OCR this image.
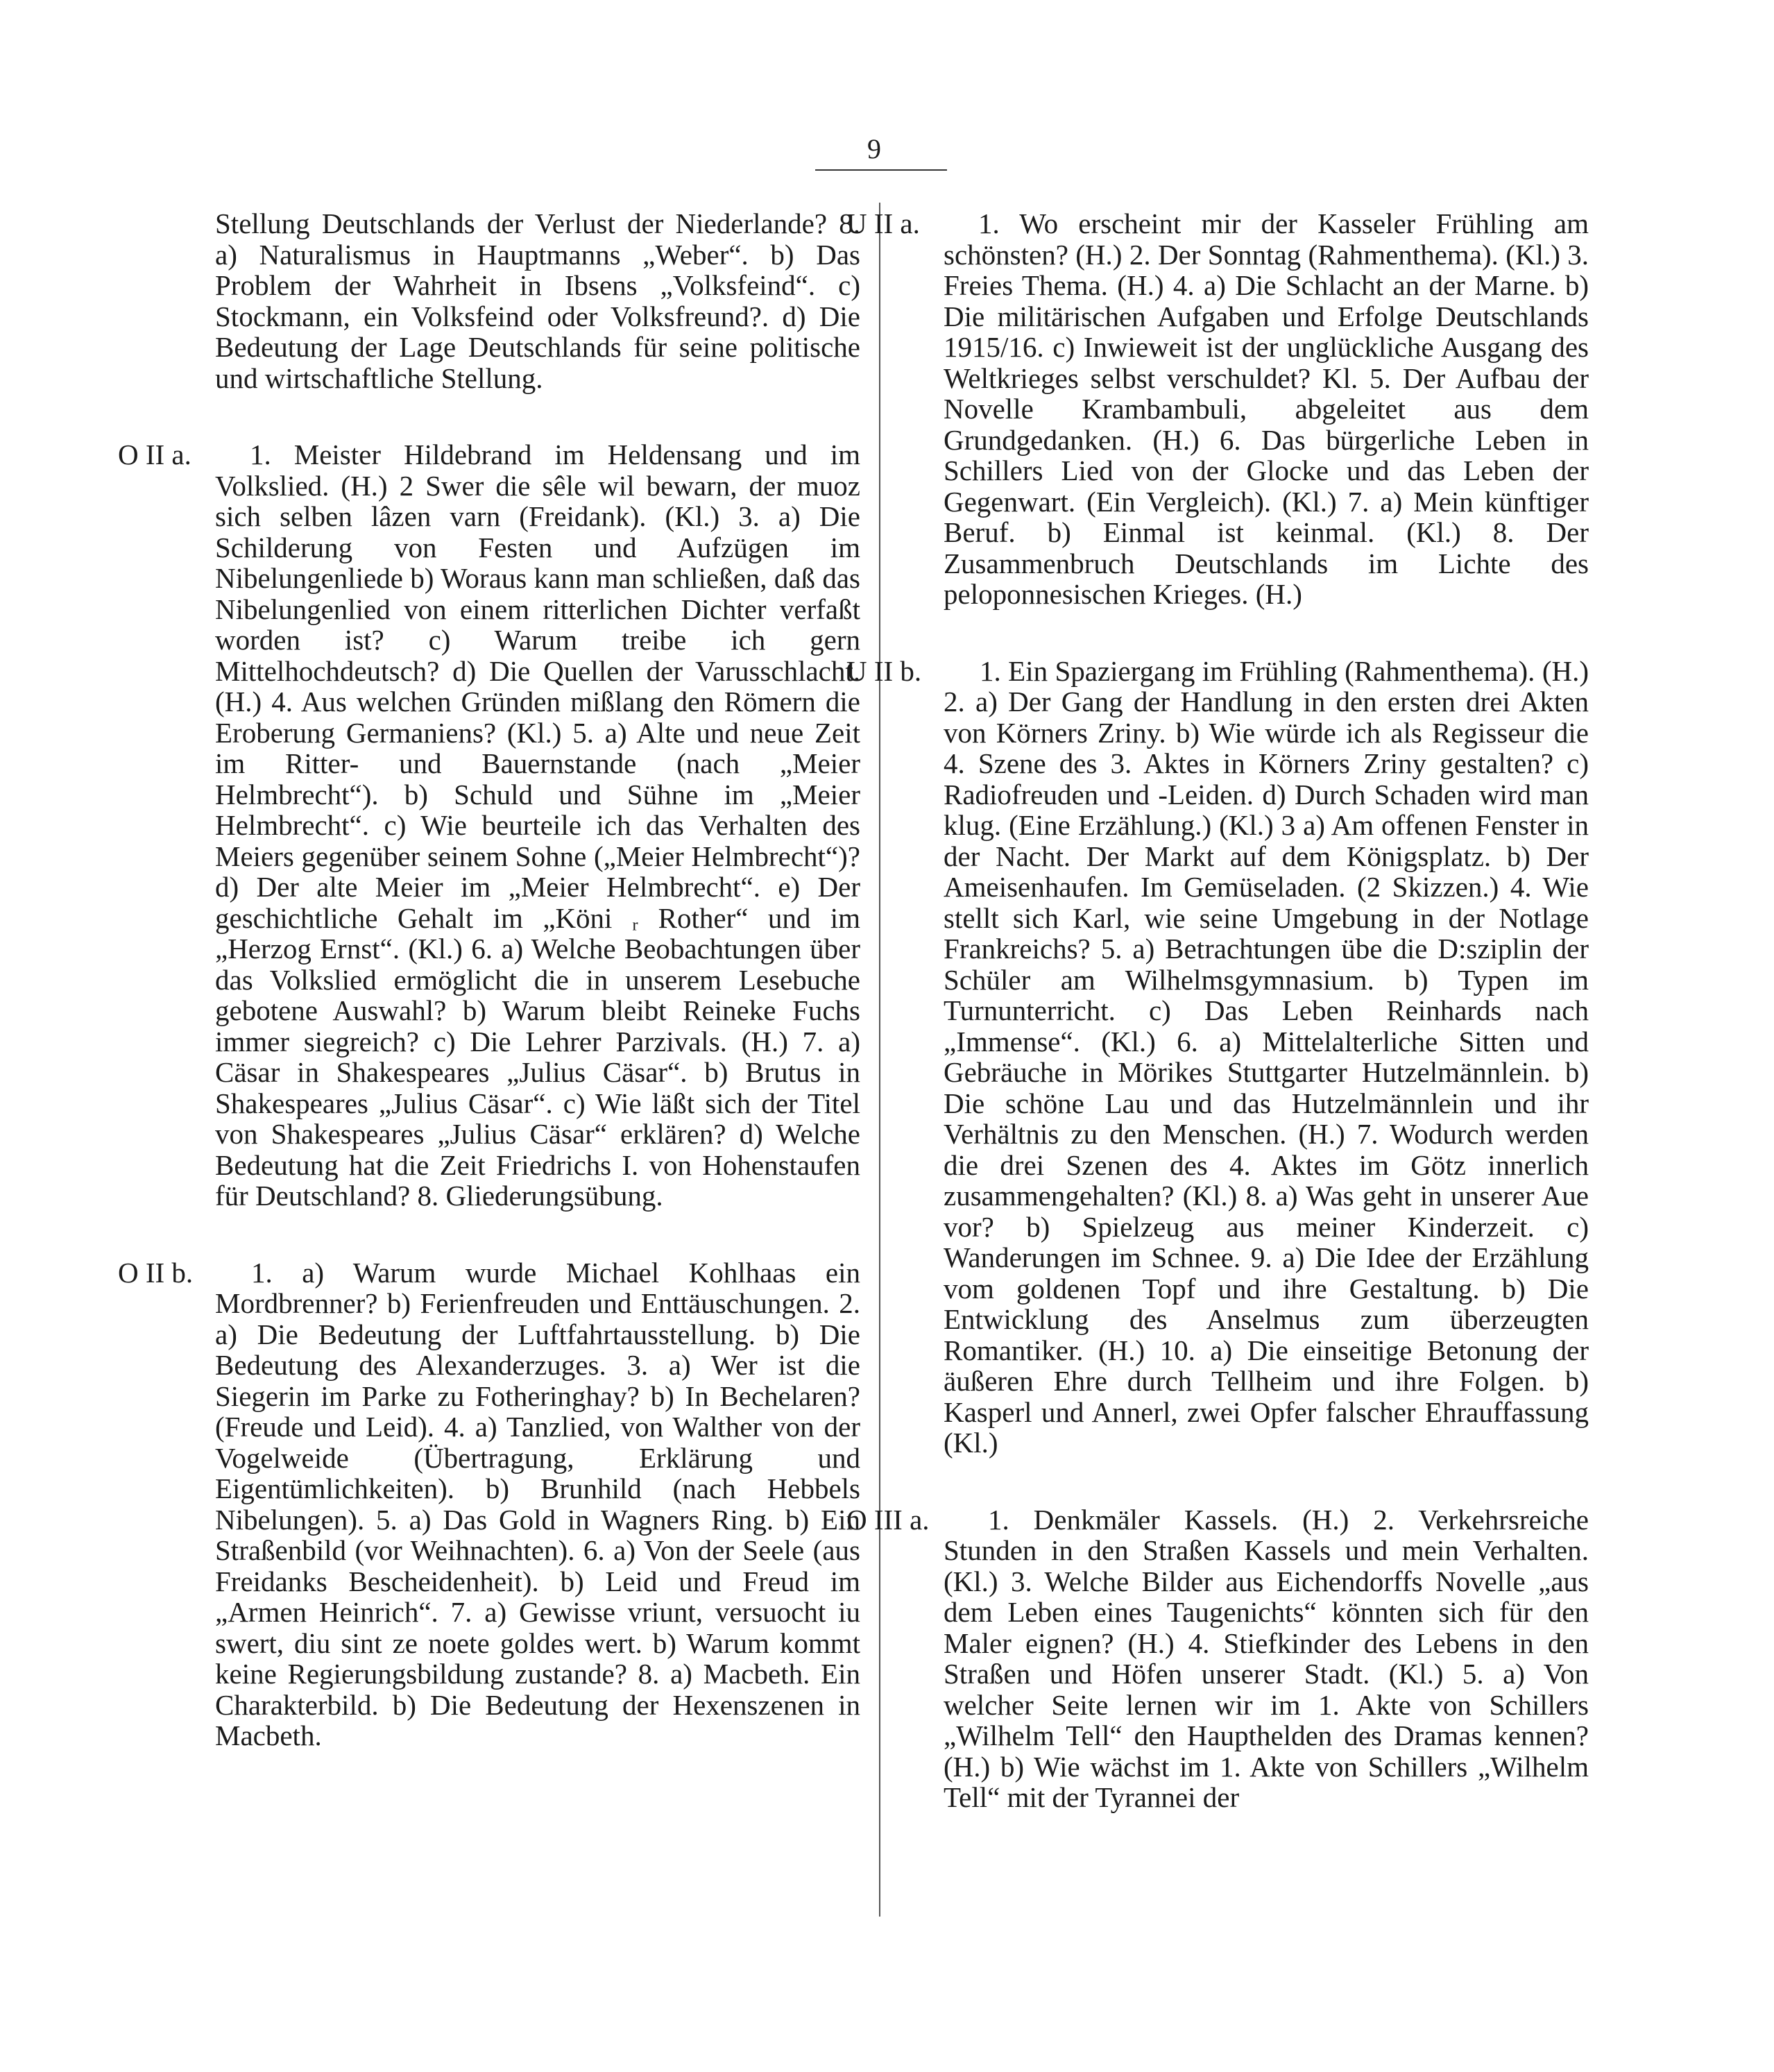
9
Stellung Deutschlands der Verlust der Niederlande? 8. a) Naturalismus in Hauptmanns „Weber“. b) Das Problem der Wahrheit in Ibsens „Volksfeind“. c) Stockmann, ein Volksfeind oder Volksfreund?. d) Die Bedeutung der Lage Deutschlands für seine politische und wirtschaftliche Stellung.
O II a.	1. Meister Hildebrand im Heldensang und im Volkslied. (H.) 2 Swer die sêle wil bewarn, der muoz sich selben lâzen varn (Freidank). (Kl.) 3. a) Die Schilderung von Festen und Aufzügen im Nibelungenliede b) Woraus kann man schließen, daß das Nibelungenlied von einem ritterlichen Dichter verfaßt worden ist? c) Warum treibe ich gern Mittelhochdeutsch? d) Die Quellen der Varusschlacht. (H.) 4. Aus welchen Gründen mißlang den Römern die Eroberung Germaniens? (Kl.) 5. a) Alte und neue Zeit im Ritter- und Bauernstande (nach „Meier Helmbrecht“). b) Schuld und Sühne im „Meier Helmbrecht“. c) Wie beurteile ich das Verhalten des Meiers gegenüber seinem Sohne („Meier Helmbrecht“)? d) Der alte Meier im „Meier Helmbrecht“. e) Der geschichtliche Gehalt im „Köni ᵣ Rother“ und im „Herzog Ernst“. (Kl.) 6. a) Welche Beobachtungen über das Volkslied ermöglicht die in unserem Lesebuche gebotene Auswahl? b) Warum bleibt Reineke Fuchs immer siegreich? c) Die Lehrer Parzivals. (H.) 7. a) Cäsar in Shakespeares „Julius Cäsar“. b) Brutus in Shakespeares „Julius Cäsar“. c) Wie läßt sich der Titel von Shakespeares „Julius Cäsar“ erklären? d) Welche Bedeutung hat die Zeit Friedrichs I. von Hohenstaufen für Deutschland? 8. Gliederungsübung.
O II b.	1. a) Warum wurde Michael Kohlhaas ein Mordbrenner? b) Ferienfreuden und Enttäuschungen. 2. a) Die Bedeutung der Luftfahrtausstellung. b) Die Bedeutung des Alexanderzuges. 3. a) Wer ist die Siegerin im Parke zu Fotheringhay? b) In Bechelaren? (Freude und Leid). 4. a) Tanzlied, von Walther von der Vogelweide (Übertragung, Erklärung und Eigentümlichkeiten). b) Brunhild (nach Hebbels Nibelungen). 5. a) Das Gold in Wagners Ring. b) Ein Straßenbild (vor Weihnachten). 6. a) Von der Seele (aus Freidanks Bescheidenheit). b) Leid und Freud im „Armen Heinrich“. 7. a) Gewisse vriunt, versuocht iu swert, diu sint ze noete goldes wert. b) Warum kommt keine Regierungsbildung zustande? 8. a) Macbeth. Ein Charakterbild. b) Die Bedeutung der Hexenszenen in Macbeth.
U II a.	1. Wo erscheint mir der Kasseler Frühling am schönsten? (H.) 2. Der Sonntag (Rahmenthema). (Kl.) 3. Freies Thema. (H.) 4. a) Die Schlacht an der Marne. b) Die militärischen Aufgaben und Erfolge Deutschlands 1915/16. c) Inwieweit ist der unglückliche Ausgang des Weltkrieges selbst verschuldet? Kl. 5. Der Aufbau der Novelle Krambambuli, abgeleitet aus dem Grundgedanken. (H.) 6. Das bürgerliche Leben in Schillers Lied von der Glocke und das Leben der Gegenwart. (Ein Vergleich). (Kl.) 7. a) Mein künftiger Beruf. b) Einmal ist keinmal. (Kl.) 8. Der Zusammenbruch Deutschlands im Lichte des peloponnesischen Krieges. (H.)
U II b.	1. Ein Spaziergang im Frühling (Rahmenthema). (H.) 2. a) Der Gang der Handlung in den ersten drei Akten von Körners Zriny. b) Wie würde ich als Regisseur die 4. Szene des 3. Aktes in Körners Zriny gestalten? c) Radiofreuden und -Leiden. d) Durch Schaden wird man klug. (Eine Erzählung.) (Kl.) 3 a) Am offenen Fenster in der Nacht. Der Markt auf dem Königsplatz. b) Der Ameisenhaufen. Im Gemüseladen. (2 Skizzen.) 4. Wie stellt sich Karl, wie seine Umgebung in der Notlage Frankreichs? 5. a) Betrachtungen übe die D:sziplin der Schüler am Wilhelmsgymnasium. b) Typen im Turnunterricht. c) Das Leben Reinhards nach „Immense“. (Kl.) 6. a) Mittelalterliche Sitten und Gebräuche in Mörikes Stuttgarter Hutzelmännlein. b) Die schöne Lau und das Hutzelmännlein und ihr Verhältnis zu den Menschen. (H.) 7. Wodurch werden die drei Szenen des 4. Aktes im Götz innerlich zusammengehalten? (Kl.) 8. a) Was geht in unserer Aue vor? b) Spielzeug aus meiner Kinderzeit. c) Wanderungen im Schnee. 9. a) Die Idee der Erzählung vom goldenen Topf und ihre Gestaltung. b) Die Entwicklung des Anselmus zum überzeugten Romantiker. (H.) 10. a) Die einseitige Betonung der äußeren Ehre durch Tellheim und ihre Folgen. b) Kasperl und Annerl, zwei Opfer falscher Ehrauffassung (Kl.)
O III a.	1. Denkmäler Kassels. (H.) 2. Verkehrsreiche Stunden in den Straßen Kassels und mein Verhalten. (Kl.) 3. Welche Bilder aus Eichendorffs Novelle „aus dem Leben eines Taugenichts“ könnten sich für den Maler eignen? (H.) 4. Stiefkinder des Lebens in den Straßen und Höfen unserer Stadt. (Kl.) 5. a) Von welcher Seite lernen wir im 1. Akte von Schillers „Wilhelm Tell“ den Haupthelden des Dramas kennen? (H.) b) Wie wächst im 1. Akte von Schillers „Wilhelm Tell“ mit der Tyrannei der
